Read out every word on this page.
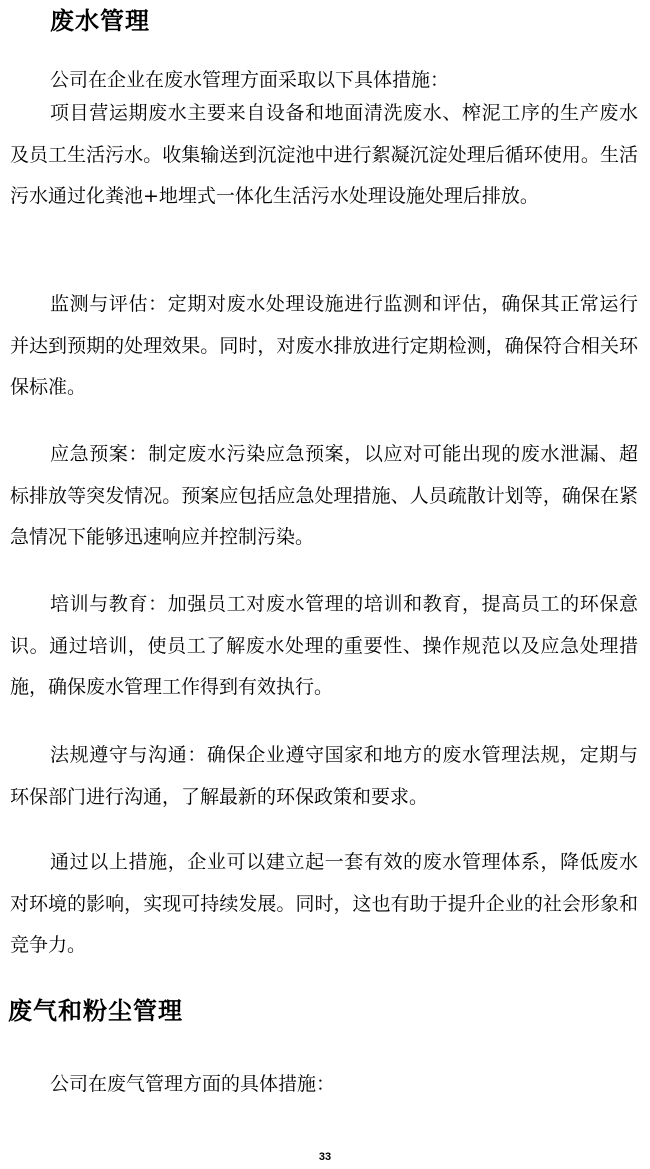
废水管理

公司在企业在废水管理方面采取以下具体措施：

项目营运期废水主要来自设备和地面清洗废水、榨泥工序的生产废水及员工生活污水。收集输送到沉淀池中进行絮凝沉淀处理后循环使用。生活污水通过化粪池+地埋式一体化生活污水处理设施处理后排放。

监测与评估：定期对废水处理设施进行监测和评估，确保其正常运行并达到预期的处理效果。同时，对废水排放进行定期检测，确保符合相关环保标准。

应急预案：制定废水污染应急预案，以应对可能出现的废水泄漏、超标排放等突发情况。预案应包括应急处理措施、人员疏散计划等，确保在紧急情况下能够迅速响应并控制污染。

培训与教育：加强员工对废水管理的培训和教育，提高员工的环保意识。通过培训，使员工了解废水处理的重要性、操作规范以及应急处理措施，确保废水管理工作得到有效执行。

法规遵守与沟通：确保企业遵守国家和地方的废水管理法规，定期与环保部门进行沟通，了解最新的环保政策和要求。

通过以上措施，企业可以建立起一套有效的废水管理体系，降低废水对环境的影响，实现可持续发展。同时，这也有助于提升企业的社会形象和竞争力。

废气和粉尘管理

公司在废气管理方面的具体措施：

33
